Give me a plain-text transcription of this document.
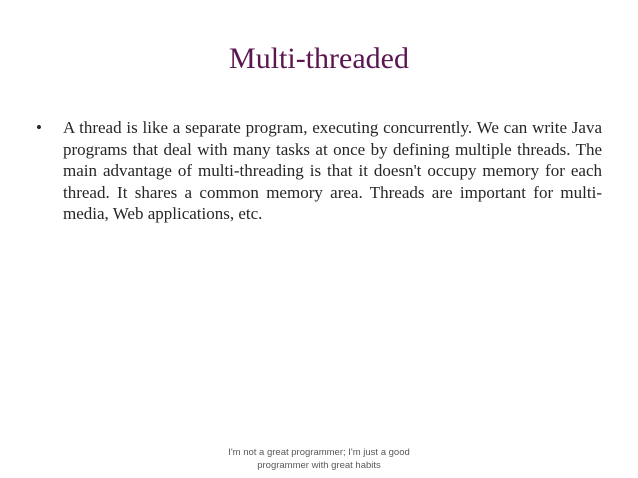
Multi-threaded
• A thread is like a separate program, executing concurrently. We can write Java programs that deal with many tasks at once by defining multiple threads. The main advantage of multi-threading is that it doesn't occupy memory for each thread. It shares a common memory area. Threads are important for multi-media, Web applications, etc.

I'm not a great programmer; I'm just a good
programmer with great habits
